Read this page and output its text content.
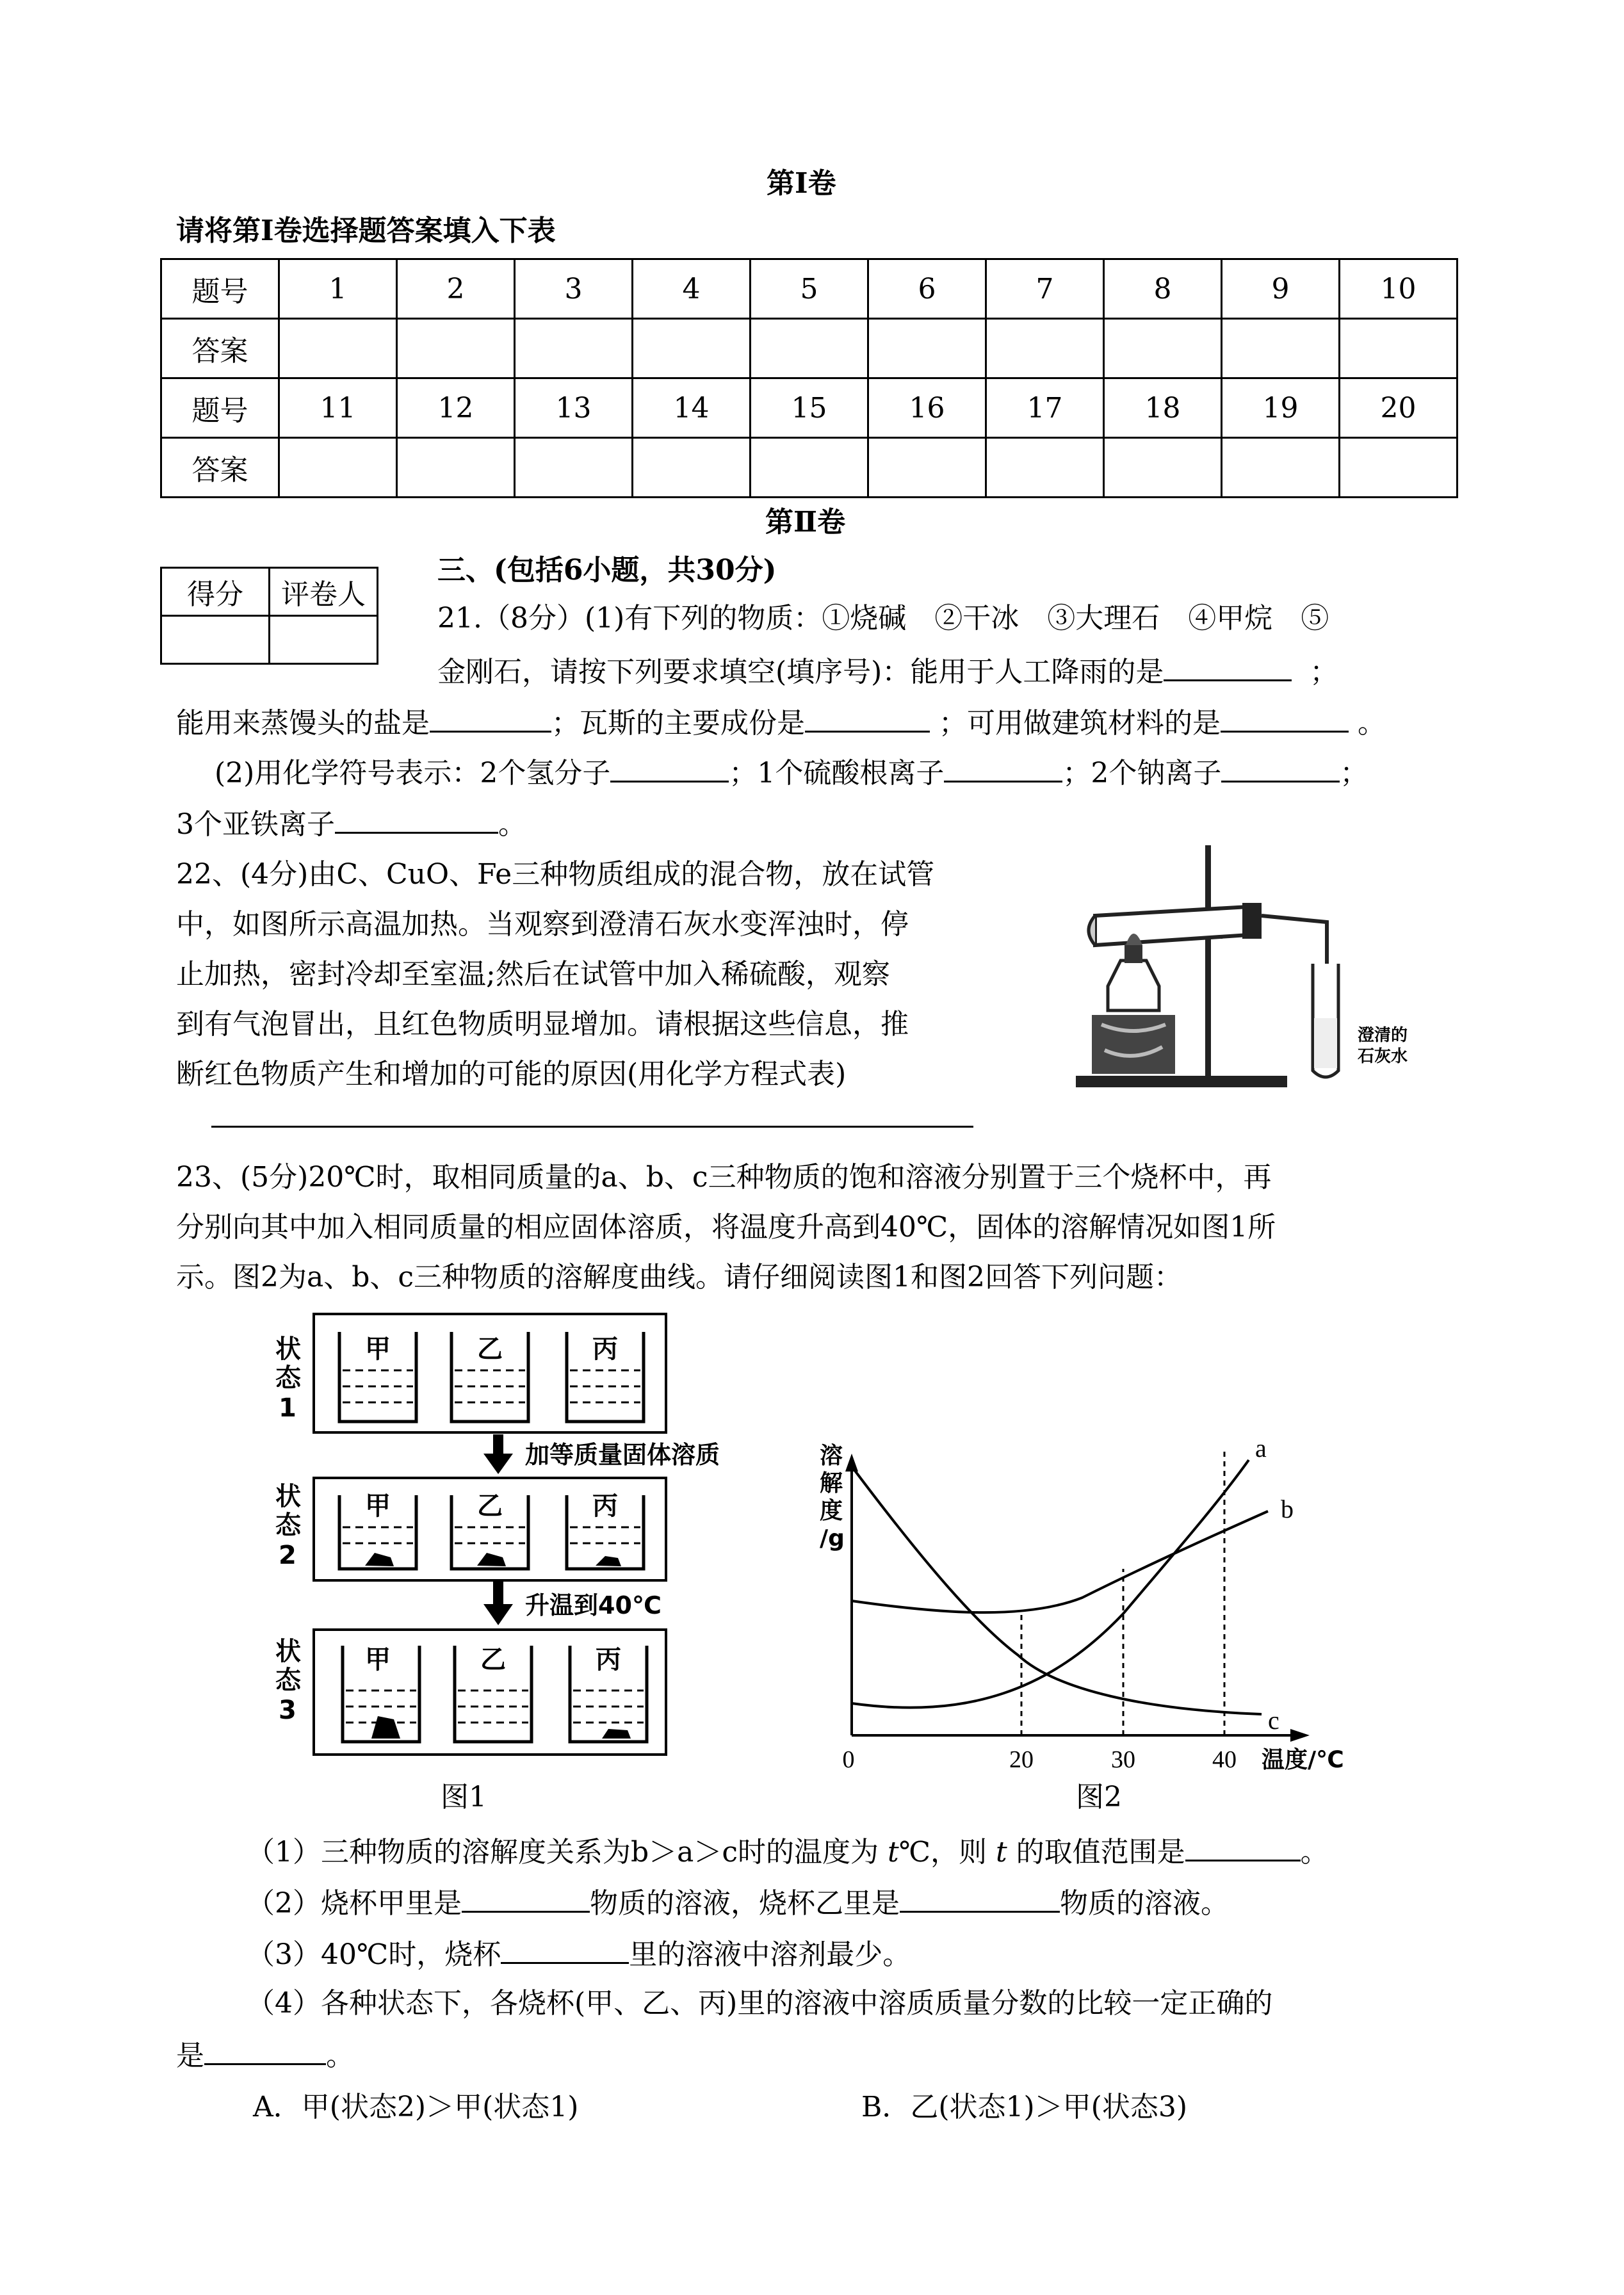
第Ⅰ卷
请将第Ⅰ卷选择题答案填入下表
题号	1	2	3	4	5	6	7	8	9	10
答案										
题号	11	12	13	14	15	16	17	18	19	20
答案										
第Ⅱ卷
得分	评卷人

三、(包括6小题，共30分)
21.（8分）(1)有下列的物质：①烧碱　②干冰　③大理石　④甲烷　⑤
金刚石，请按下列要求填空(填序号)：能用于人工降雨的是	；
能用来蒸馒头的盐是	；瓦斯的主要成份是	；可用做建筑材料的是	。
(2)用化学符号表示：2个氢分子	；1个硫酸根离子	；2个钠离子	；
3个亚铁离子	。
22、(4分)由C、CuO、Fe三种物质组成的混合物，放在试管
中，如图所示高温加热。当观察到澄清石灰水变浑浊时，停
止加热，密封冷却至室温;然后在试管中加入稀硫酸，观察
到有气泡冒出，且红色物质明显增加。请根据这些信息，推
断红色物质产生和增加的可能的原因(用化学方程式表)
澄清的
石灰水
23、(5分)20℃时，取相同质量的a、b、c三种物质的饱和溶液分别置于三个烧杯中，再
分别向其中加入相同质量的相应固体溶质，将温度升高到40℃，固体的溶解情况如图1所
示。图2为a、b、c三种物质的溶解度曲线。请仔细阅读图1和图2回答下列问题：
状
态
1
状
态
2
状
态
3
甲	乙	丙
甲	乙	丙
甲	乙	丙
加等质量固体溶质
升温到40℃
溶
解
度
/g
a
b
c
0	20	30	40 温度/℃
图1	图2
（1）三种物质的溶解度关系为b＞a＞c时的温度为 t℃，则 t 的取值范围是	。
（2）烧杯甲里是	物质的溶液，烧杯乙里是	物质的溶液。
（3）40℃时，烧杯	里的溶液中溶剂最少。
（4）各种状态下，各烧杯(甲、乙、丙)里的溶液中溶质质量分数的比较一定正确的
是	。
A．甲(状态2)＞甲(状态1)	B．乙(状态1)＞甲(状态3)
